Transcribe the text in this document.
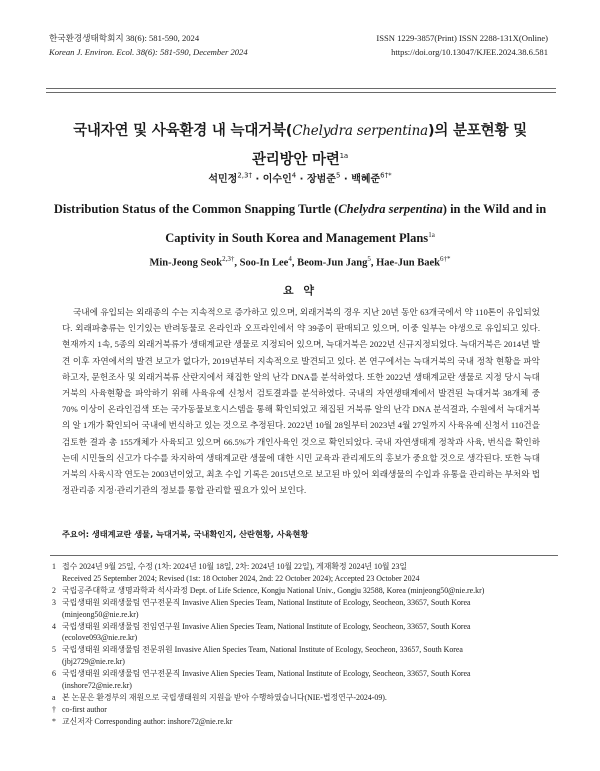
한국환경생태학회지 38(6): 581-590, 2024
Korean J. Environ. Ecol. 38(6): 581-590, December 2024
ISSN 1229-3857(Print) ISSN 2288-131X(Online)
https://doi.org/10.13047/KJEE.2024.38.6.581
국내자연 및 사육환경 내 늑대거북(Chelydra serpentina)의 분포현황 및
관리방안 마련$^{1a}$
석민정$^{2,3\dagger}$ · 이수인$^4$ · 장범준$^5$ · 백혜준$^{6\dagger*}$
Distribution Status of the Common Snapping Turtle (Chelydra serpentina) in the Wild and in
Captivity in South Korea and Management Plans$^{1a}$
Min-Jeong Seok$^{2,3\dagger}$, Soo-In Lee$^4$, Beom-Jun Jang$^5$, Hae-Jun Baek$^{6\dagger*}$
요 약

국내에 유입되는 외래종의 수는 지속적으로 증가하고 있으며, 외래거북의 경우 지난 20년 동안 63개국에서 약 110톤이 유입되었다. 외래파충류는 인기있는 반려동물로 온라인과 오프라인에서 약 39종이 판매되고 있으며, 이중 일부는 야생으로 유입되고 있다. 현재까지 1속, 5종의 외래거북류가 생태계교란 생물로 지정되어 있으며, 늑대거북은 2022년 신규지정되었다. 늑대거북은 2014년 발견 이후 자연에서의 발견 보고가 없다가, 2019년부터 지속적으로 발견되고 있다. 본 연구에서는 늑대거북의 국내 정착 현황을 파악하고자, 문헌조사 및 외래거북류 산란지에서 채집한 알의 난각 DNA를 분석하였다. 또한 2022년 생태계교란 생물로 지정 당시 늑대거북의 사육현황을 파악하기 위해 사육유예 신청서 검토결과를 분석하였다. 국내의 자연생태계에서 발견된 늑대거북 38개체 중 70% 이상이 온라인검색 또는 국가동물보호시스템을 통해 확인되었고 채집된 거북류 알의 난각 DNA 분석결과, 수원에서 늑대거북의 알 1개가 확인되어 국내에 번식하고 있는 것으로 추정된다. 2022년 10월 28일부터 2023년 4월 27일까지 사육유예 신청서 110건을 검토한 결과 총 155개체가 사육되고 있으며 66.5%가 개인사육인 것으로 확인되었다. 국내 자연생태계 정착과 사육, 번식을 확인하는데 시민들의 신고가 다수를 차지하여 생태계교란 생물에 대한 시민 교육과 관리제도의 홍보가 중요할 것으로 생각된다. 또한 늑대거북의 사육시작 연도는 2003년이었고, 최초 수입 기록은 2015년으로 보고된 바 있어 외래생물의 수입과 유통을 관리하는 부처와 법정관리종 지정·관리기관의 정보를 통합 관리할 필요가 있어 보인다.

주요어: 생태계교란 생물, 늑대거북, 국내확인지, 산란현황, 사육현황
1 접수 2024년 9월 25일, 수정 (1차: 2024년 10월 18일, 2차: 2024년 10월 22일), 게재확정 2024년 10월 23일
Received 25 September 2024; Revised (1st: 18 October 2024, 2nd: 22 October 2024); Accepted 23 October 2024
2 국립공주대학교 생명과학과 석사과정 Dept. of Life Science, Kongju National Univ., Gongju 32588, Korea (minjeong50@nie.re.kr)
3 국립생태원 외래생물팀 연구전문직 Invasive Alien Species Team, National Institute of Ecology, Seocheon, 33657, South Korea
(minjeong50@nie.re.kr)
4 국립생태원 외래생물팀 전임연구원 Invasive Alien Species Team, National Institute of Ecology, Seocheon, 33657, South Korea
(ecolove093@nie.re.kr)
5 국립생태원 외래생물팀 전문위원 Invasive Alien Species Team, National Institute of Ecology, Seocheon, 33657, South Korea
(jbj2729@nie.re.kr)
6 국립생태원 외래생물팀 연구전문직 Invasive Alien Species Team, National Institute of Ecology, Seocheon, 33657, South Korea
(inshore72@nie.re.kr)
a 본 논문은 환경부의 재원으로 국립생태원의 지원을 받아 수행하였습니다(NIE-법정연구-2024-09).
† co-first author
* 교신저자 Corresponding author: inshore72@nie.re.kr
